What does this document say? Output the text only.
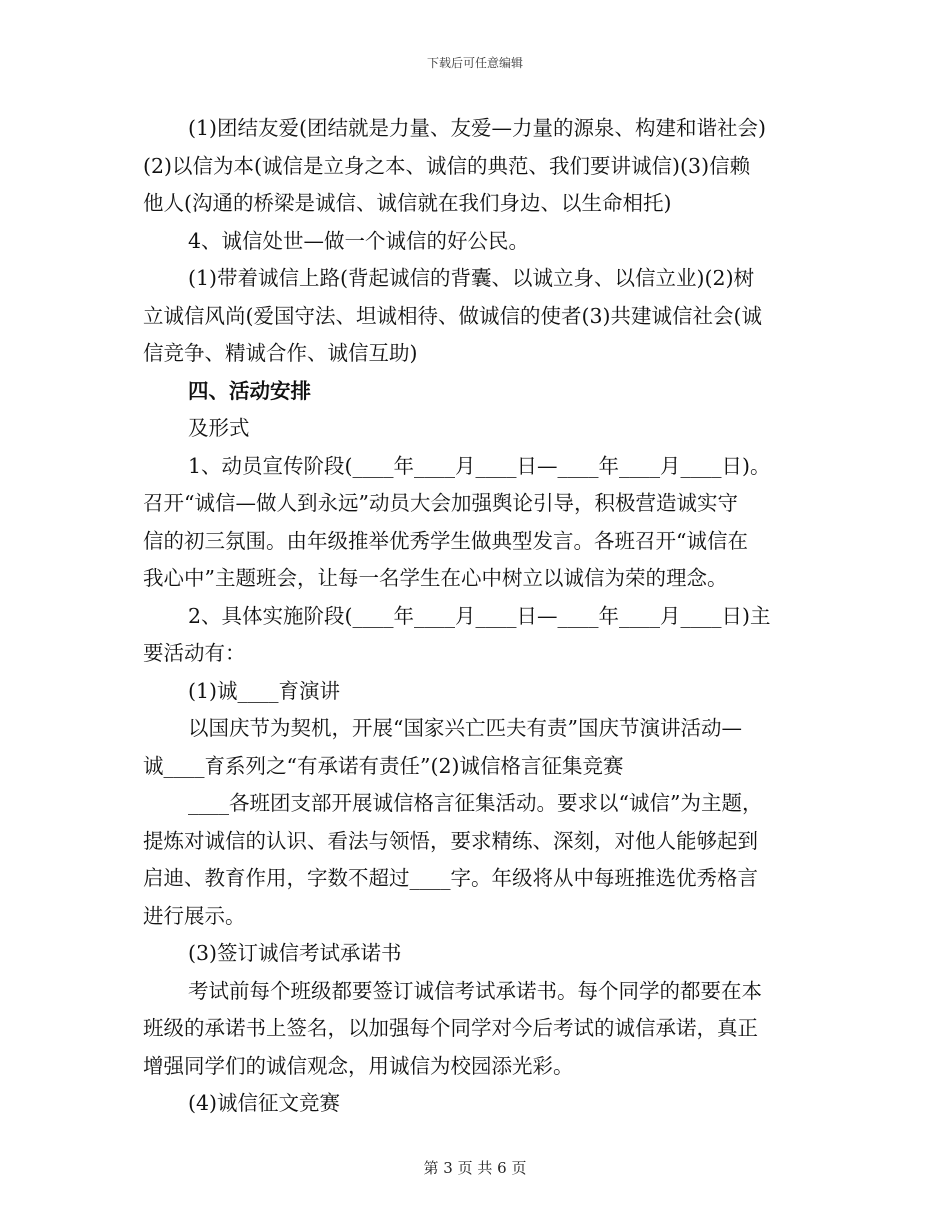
下载后可任意编辑
(1)团结友爱(团结就是力量、友爱—力量的源泉、构建和谐社会)
(2)以信为本(诚信是立身之本、诚信的典范、我们要讲诚信)(3)信赖
他人(沟通的桥梁是诚信、诚信就在我们身边、以生命相托)
4、诚信处世—做一个诚信的好公民。
(1)带着诚信上路(背起诚信的背囊、以诚立身、以信立业)(2)树
立诚信风尚(爱国守法、坦诚相待、做诚信的使者(3)共建诚信社会(诚
信竞争、精诚合作、诚信互助)
四、活动安排
及形式
1、动员宣传阶段(____年____月____日—____年____月____日)。
召开“诚信—做人到永远”动员大会加强舆论引导，积极营造诚实守
信的初三氛围。由年级推举优秀学生做典型发言。各班召开“诚信在
我心中”主题班会，让每一名学生在心中树立以诚信为荣的理念。
2、具体实施阶段(____年____月____日—____年____月____日)主
要活动有：
(1)诚____育演讲
以国庆节为契机，开展“国家兴亡匹夫有责”国庆节演讲活动—
诚____育系列之“有承诺有责任”(2)诚信格言征集竞赛
____各班团支部开展诚信格言征集活动。要求以“诚信”为主题，
提炼对诚信的认识、看法与领悟，要求精练、深刻，对他人能够起到
启迪、教育作用，字数不超过____字。年级将从中每班推选优秀格言
进行展示。
(3)签订诚信考试承诺书
考试前每个班级都要签订诚信考试承诺书。每个同学的都要在本
班级的承诺书上签名，以加强每个同学对今后考试的诚信承诺，真正
增强同学们的诚信观念，用诚信为校园添光彩。
(4)诚信征文竞赛
第 3 页 共 6 页
